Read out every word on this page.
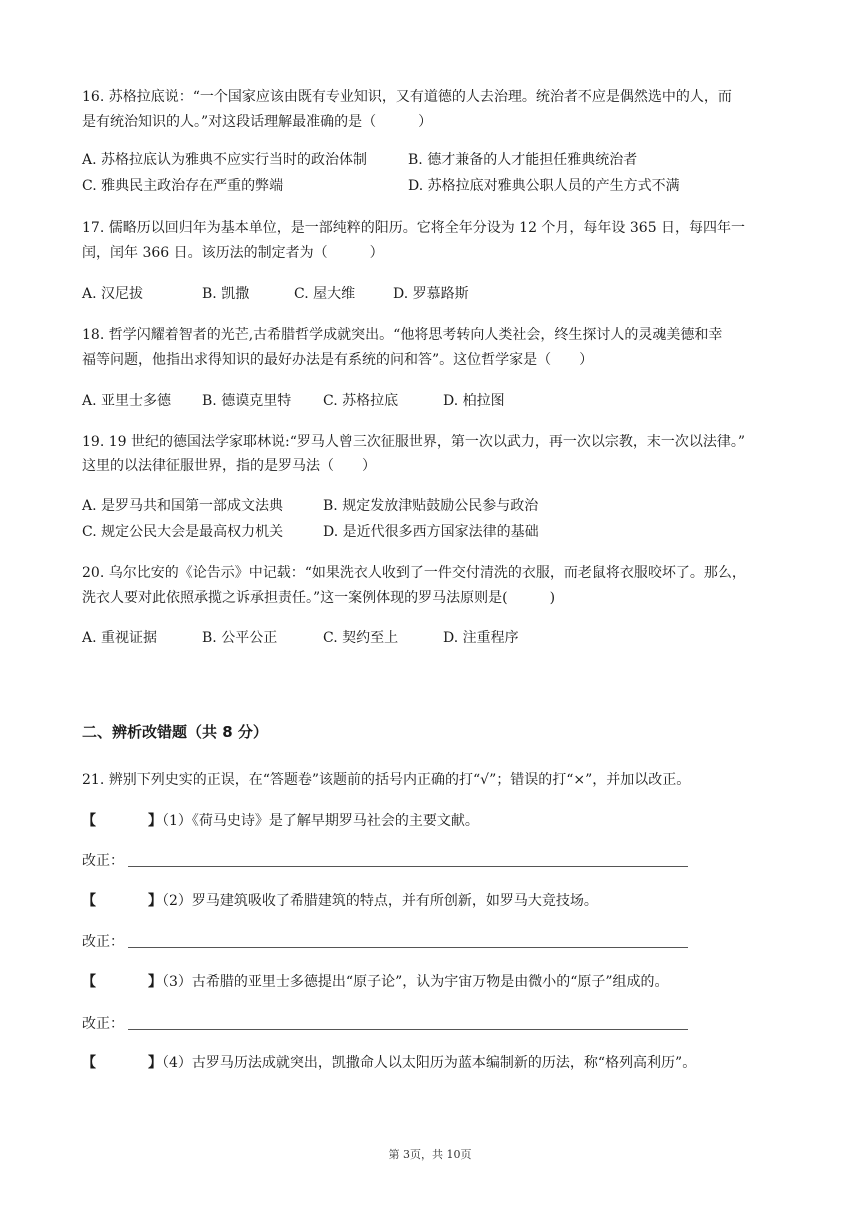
16. 苏格拉底说：“一个国家应该由既有专业知识，又有道德的人去治理。统治者不应是偶然选中的人，而
是有统治知识的人。”对这段话理解最准确的是（　　　）
A. 苏格拉底认为雅典不应实行当时的政治体制	B. 德才兼备的人才能担任雅典统治者
C. 雅典民主政治存在严重的弊端	D. 苏格拉底对雅典公职人员的产生方式不满
17. 儒略历以回归年为基本单位，是一部纯粹的阳历。它将全年分设为 12 个月，每年设 365 日，每四年一
闰，闰年 366 日。该历法的制定者为（　　　）
A. 汉尼拔	B. 凯撒	C. 屋大维	D. 罗慕路斯
18. 哲学闪耀着智者的光芒,古希腊哲学成就突出。“他将思考转向人类社会，终生探讨人的灵魂美德和幸
福等问题，他指出求得知识的最好办法是有系统的问和答”。这位哲学家是（　　）
A. 亚里士多德 B. 德谟克里特 C. 苏格拉底	D. 柏拉图
19. 19 世纪的德国法学家耶林说:“罗马人曾三次征服世界，第一次以武力，再一次以宗教，末一次以法律。”
这里的以法律征服世界，指的是罗马法（　　）
A. 是罗马共和国第一部成文法典	B. 规定发放津贴鼓励公民参与政治
C. 规定公民大会是最高权力机关	D. 是近代很多西方国家法律的基础
20. 乌尔比安的《论告示》中记载：“如果洗衣人收到了一件交付清洗的衣服，而老鼠将衣服咬坏了。那么，
洗衣人要对此依照承揽之诉承担责任。”这一案例体现的罗马法原则是(　　　)
A. 重视证据	B. 公平公正	C. 契约至上	D. 注重程序
二、辨析改错题（共 8 分）
21. 辨别下列史实的正误，在“答题卷”该题前的括号内正确的打“√”；错误的打“×”，并加以改正。
【	】（1）《荷马史诗》是了解早期罗马社会的主要文献。
改正：
【	】（2）罗马建筑吸收了希腊建筑的特点，并有所创新，如罗马大竞技场。
改正：
【	】（3）古希腊的亚里士多德提出“原子论”，认为宇宙万物是由微小的“原子”组成的。
改正：
【	】（4）古罗马历法成就突出，凯撒命人以太阳历为蓝本编制新的历法，称“格列高利历”。
第 3页，共 10页
